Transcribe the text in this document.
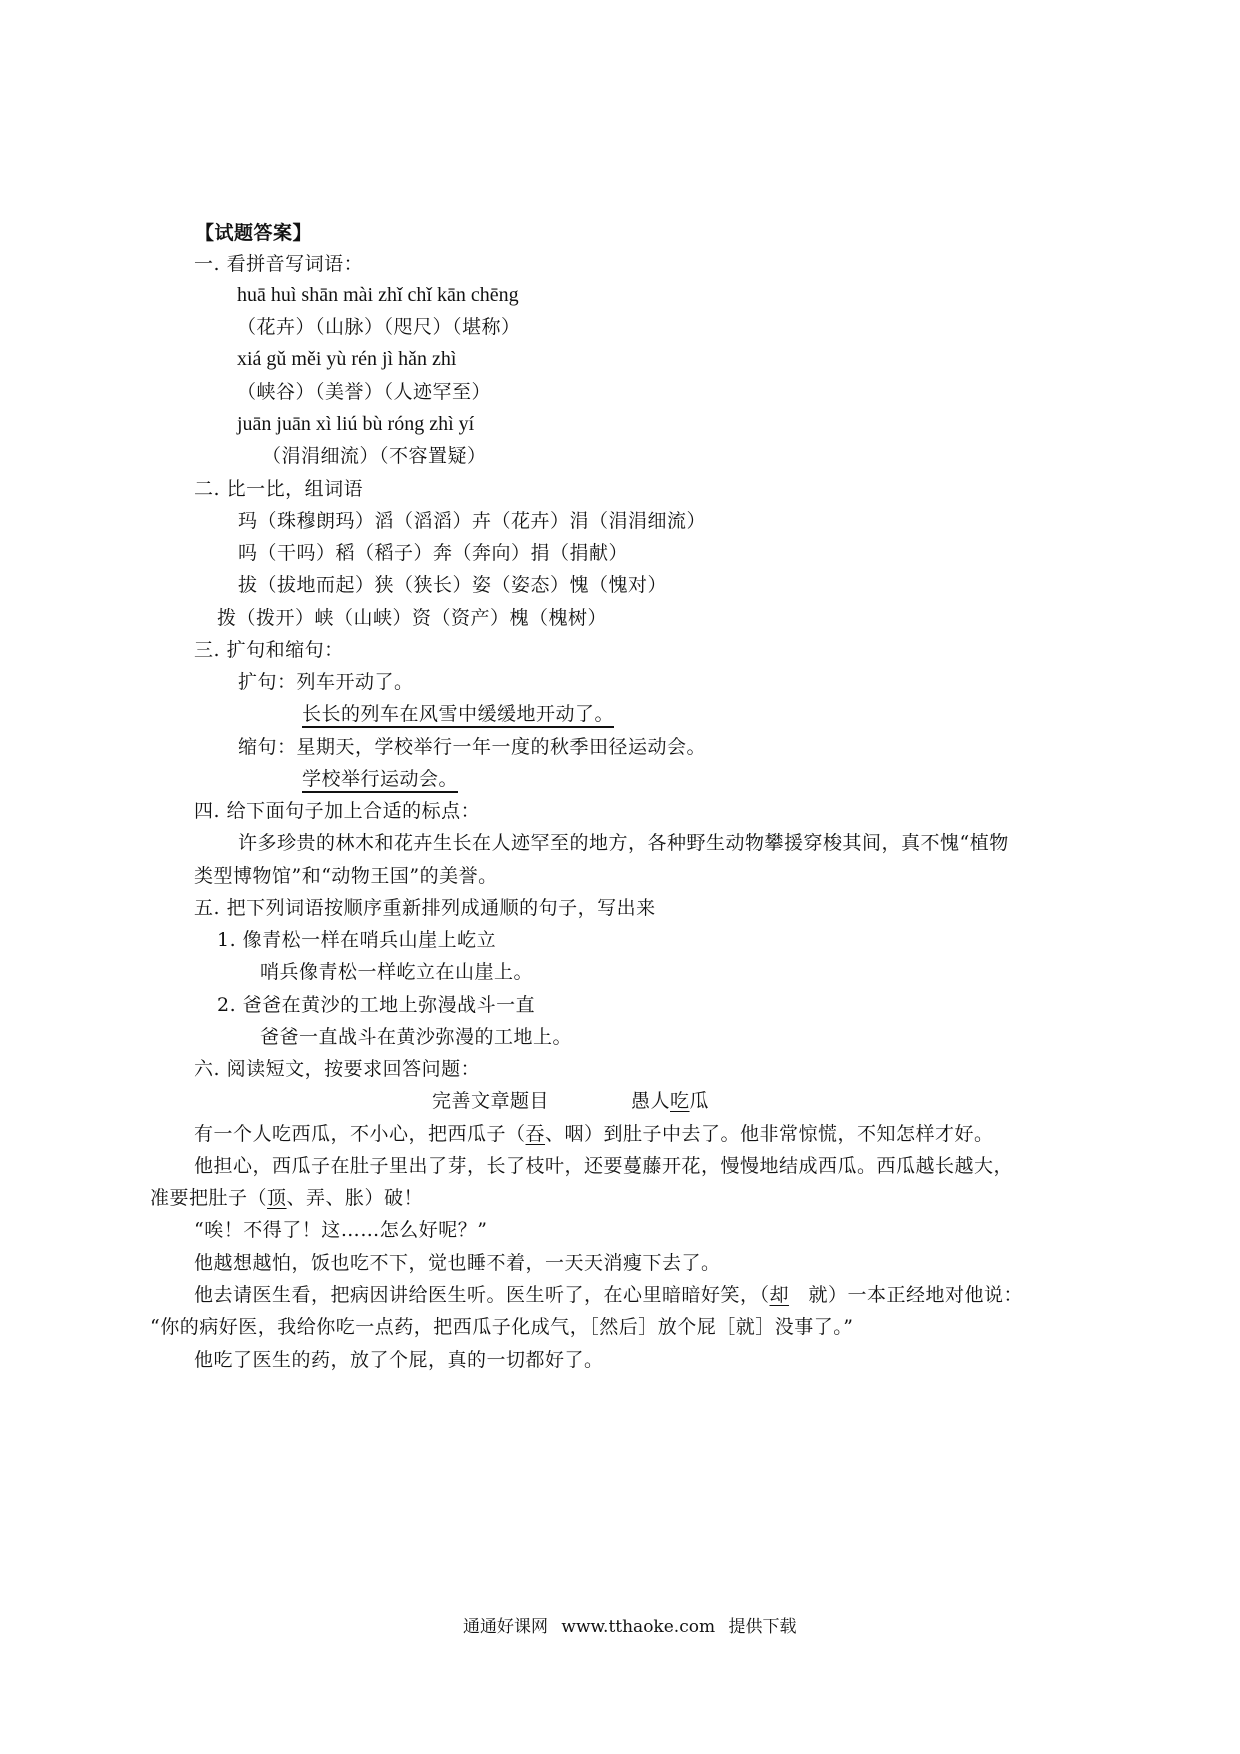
【试题答案】
一. 看拼音写词语：
huā huì shān mài zhǐ chǐ kān chēng
（花卉）（山脉）（咫尺）（堪称）
xiá gǔ měi yù rén jì hǎn zhì
（峡谷）（美誉）（人迹罕至）
juān juān xì liú bù róng zhì yí
（涓涓细流）（不容置疑）
二. 比一比，组词语
玛（珠穆朗玛）滔（滔滔）卉（花卉）涓（涓涓细流）
吗（干吗）稻（稻子）奔（奔向）捐（捐献）
拔（拔地而起）狭（狭长）姿（姿态）愧（愧对）
拨（拨开）峡（山峡）资（资产）槐（槐树）
三. 扩句和缩句：
扩句：列车开动了。
长长的列车在风雪中缓缓地开动了。
缩句：星期天，学校举行一年一度的秋季田径运动会。
学校举行运动会。
四. 给下面句子加上合适的标点：
许多珍贵的林木和花卉生长在人迹罕至的地方，各种野生动物攀援穿梭其间，真不愧“植物
类型博物馆”和“动物王国”的美誉。
五. 把下列词语按顺序重新排列成通顺的句子，写出来
1. 像青松一样在哨兵山崖上屹立
哨兵像青松一样屹立在山崖上。
2. 爸爸在黄沙的工地上弥漫战斗一直
爸爸一直战斗在黄沙弥漫的工地上。
六. 阅读短文，按要求回答问题：
完善文章题目	愚人吃瓜
有一个人吃西瓜，不小心，把西瓜子（吞、咽）到肚子中去了。他非常惊慌，不知怎样才好。
他担心，西瓜子在肚子里出了芽，长了枝叶，还要蔓藤开花，慢慢地结成西瓜。西瓜越长越大，
准要把肚子（顶、弄、胀）破！
“唉！不得了！这……怎么好呢？”
他越想越怕，饭也吃不下，觉也睡不着，一天天消瘦下去了。
他去请医生看，把病因讲给医生听。医生听了，在心里暗暗好笑，（却　就）一本正经地对他说：
“你的病好医，我给你吃一点药，把西瓜子化成气，［然后］放个屁［就］没事了。”
他吃了医生的药，放了个屁，真的一切都好了。
通通好课网 www.tthaoke.com 提供下载
